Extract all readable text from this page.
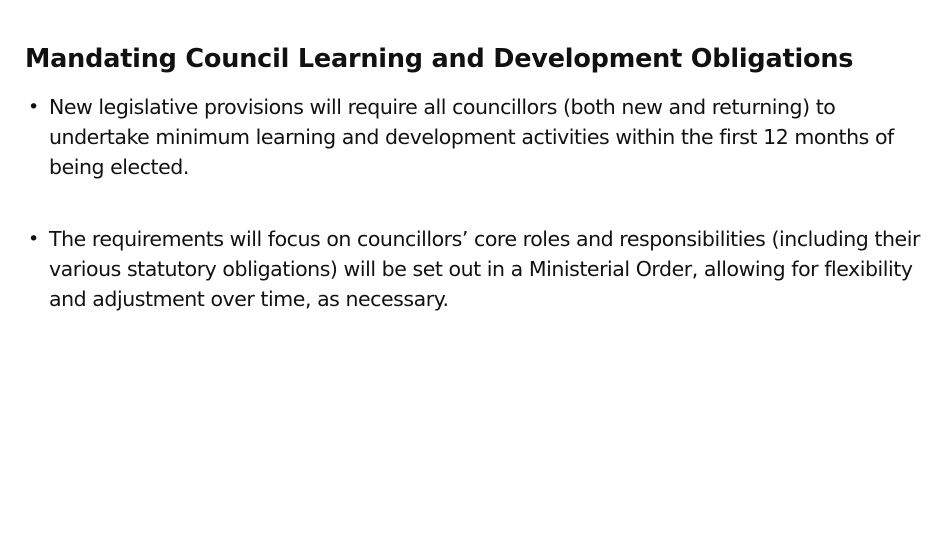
Mandating Council Learning and Development Obligations
• New legislative provisions will require all councillors (both new and returning) to undertake minimum learning and development activities within the first 12 months of being elected.
• The requirements will focus on councillors’ core roles and responsibilities (including their various statutory obligations) will be set out in a Ministerial Order, allowing for flexibility and adjustment over time, as necessary.
